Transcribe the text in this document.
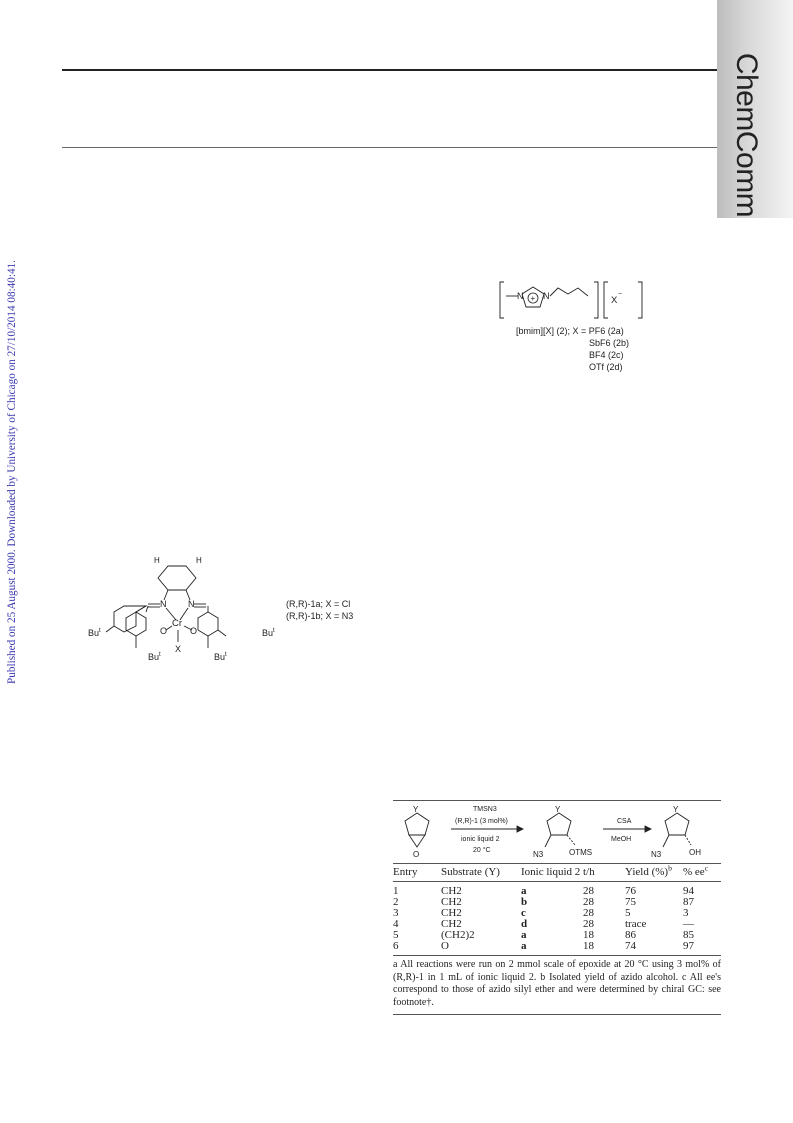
ChemComm
Published on 25 August 2000. Downloaded by University of Chicago on 27/10/2014 08:40:41.	+
N N	X
−
[bmim][X] (2); X = PF6 (2a)
SbF6 (2b)
BF4 (2c)
OTf (2d)
H	H
N N
Cr
O	O
X
Bu$^t$
Bu$^t$
Bu$^t$
Bu$^t$
(R,R)-1a; X = Cl
(R,R)-1b; X = N3
Y
O
Y	Y
TMSN3
(R,R)-1 (3 mol%)
ionic liquid 2
20 °C
CSA
MeOH
N3	OTMS	N3	OH
Entry	Substrate (Y)	Ionic liquid 2	t/h	Yield (%)$^b$	% $ee^c$

1	CH2	a	28	76	94
2	CH2	b	28	75	87
3	CH2	c	28	5	3
4	CH2	d	28	trace	—
5	(CH2)2	a	18	86	85
6	O	a	18	74	97
a All reactions were run on 2 mmol scale of epoxide at 20 °C using 3 mol% of (R,R)-1 in 1 mL of ionic liquid 2. b Isolated yield of azido alcohol. c All ee's correspond to those of azido silyl ether and were determined by chiral GC: see footnote†.
